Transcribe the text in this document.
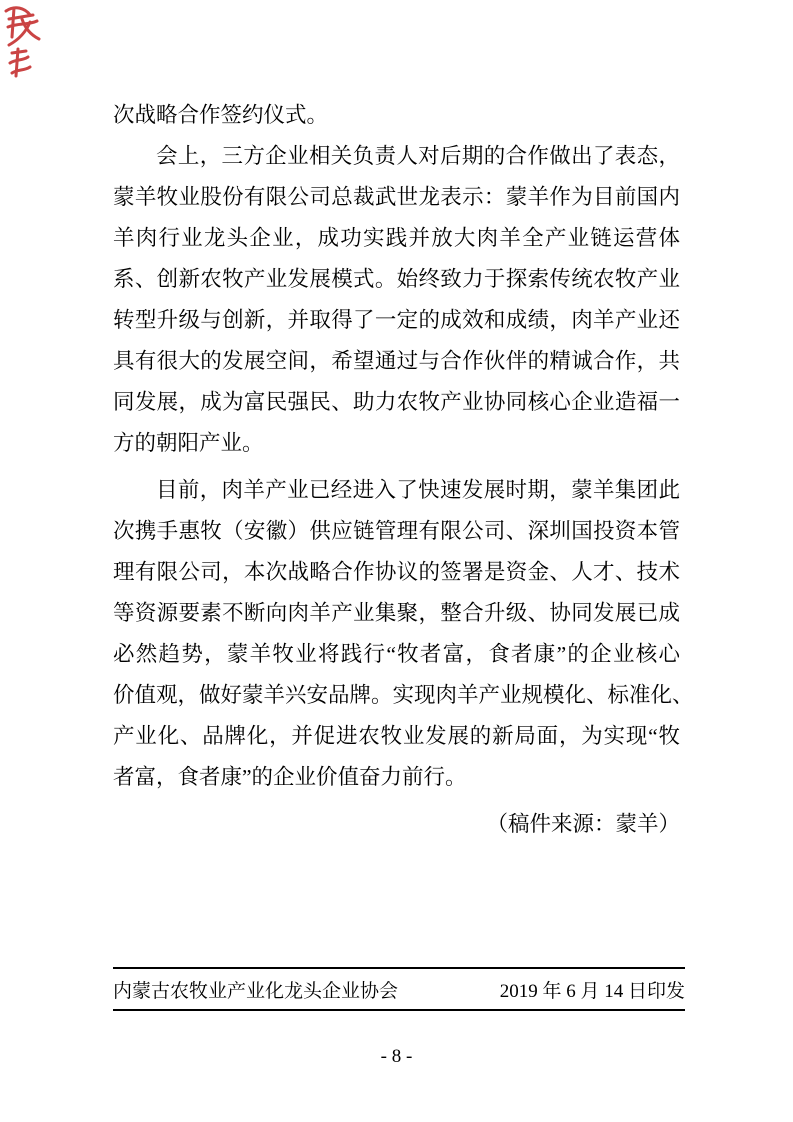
次战略合作签约仪式。
会上，三方企业相关负责人对后期的合作做出了表态，
蒙羊牧业股份有限公司总裁武世龙表示：蒙羊作为目前国内
羊肉行业龙头企业，成功实践并放大肉羊全产业链运营体
系、创新农牧产业发展模式。始终致力于探索传统农牧产业
转型升级与创新，并取得了一定的成效和成绩，肉羊产业还
具有很大的发展空间，希望通过与合作伙伴的精诚合作，共
同发展，成为富民强民、助力农牧产业协同核心企业造福一
方的朝阳产业。
目前，肉羊产业已经进入了快速发展时期，蒙羊集团此
次携手惠牧（安徽）供应链管理有限公司、深圳国投资本管
理有限公司，本次战略合作协议的签署是资金、人才、技术
等资源要素不断向肉羊产业集聚，整合升级、协同发展已成
必然趋势，蒙羊牧业将践行“牧者富，食者康”的企业核心
价值观，做好蒙羊兴安品牌。实现肉羊产业规模化、标准化、
产业化、品牌化，并促进农牧业发展的新局面，为实现“牧
者富，食者康”的企业价值奋力前行。
（稿件来源：蒙羊）
内蒙古农牧业产业化龙头企业协会	2019 年 6 月 14 日印发
- 8 -
